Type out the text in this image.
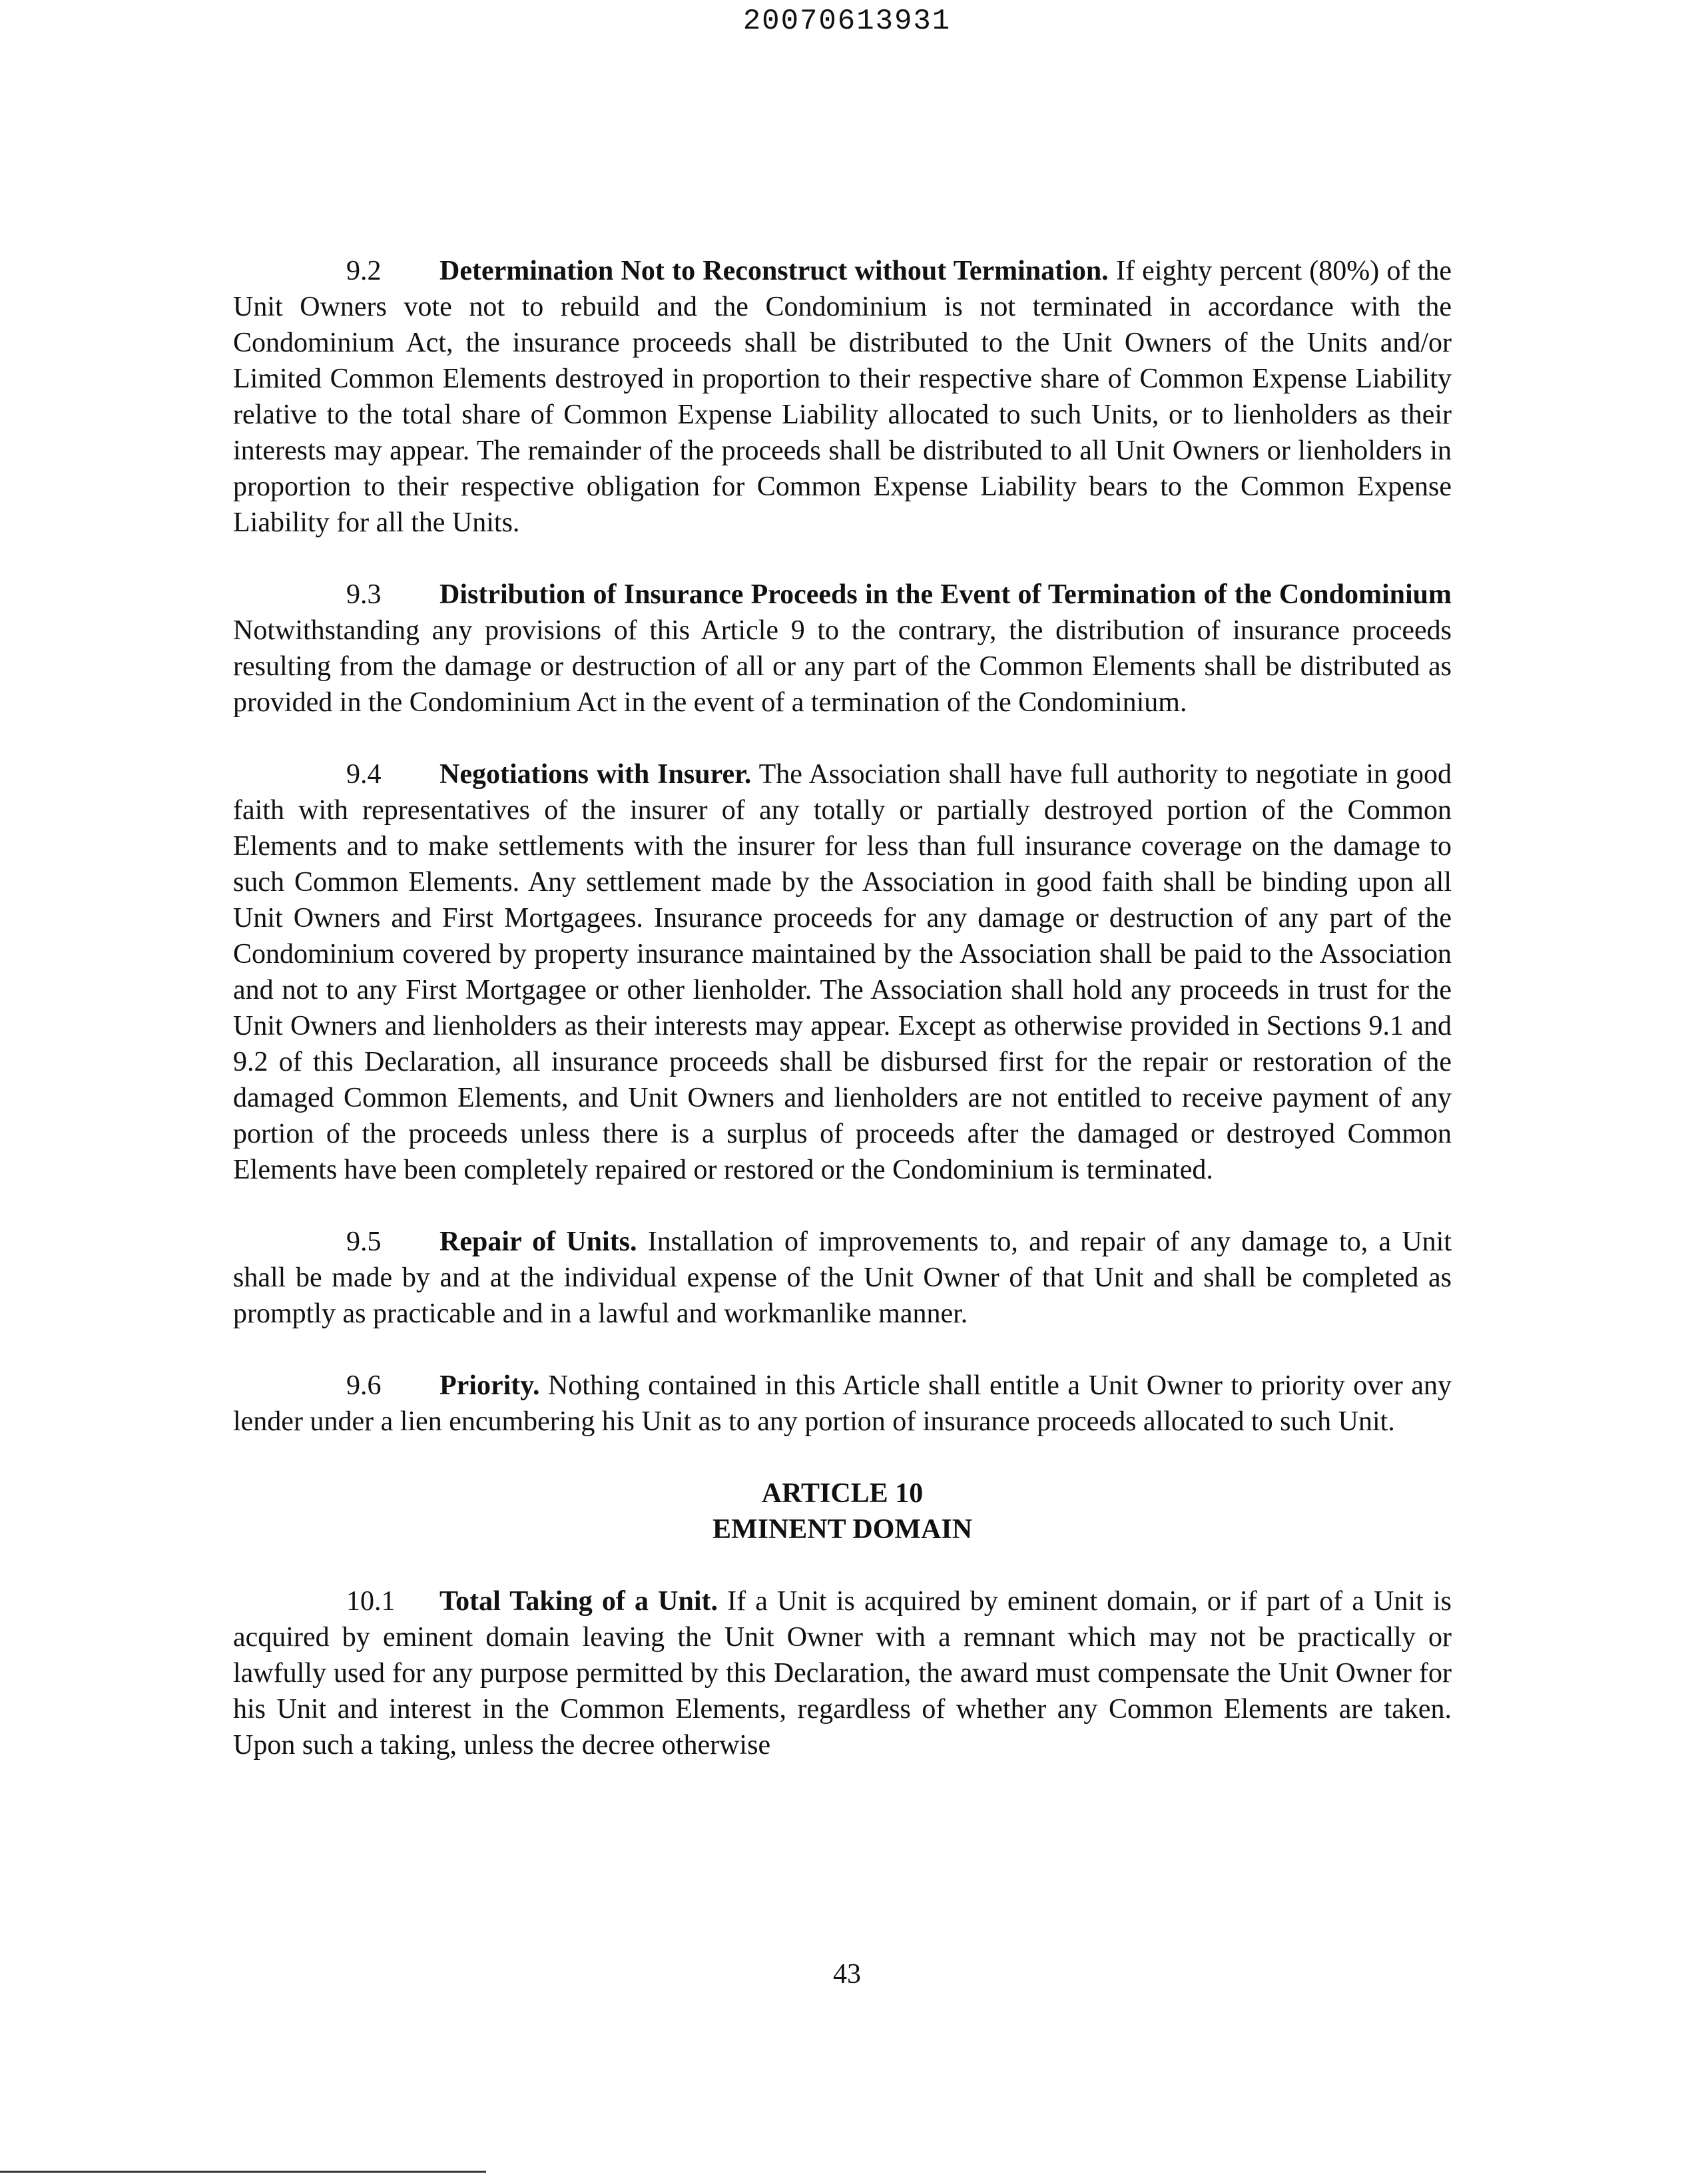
20070613931

9.2 Determination Not to Reconstruct without Termination. If eighty percent (80%) of the Unit Owners vote not to rebuild and the Condominium is not terminated in accordance with the Condominium Act, the insurance proceeds shall be distributed to the Unit Owners of the Units and/or Limited Common Elements destroyed in proportion to their respective share of Common Expense Liability relative to the total share of Common Expense Liability allocated to such Units, or to lienholders as their interests may appear. The remainder of the proceeds shall be distributed to all Unit Owners or lienholders in proportion to their respective obligation for Common Expense Liability bears to the Common Expense Liability for all the Units.

9.3 Distribution of Insurance Proceeds in the Event of Termination of the Condominium Notwithstanding any provisions of this Article 9 to the contrary, the distribution of insurance proceeds resulting from the damage or destruction of all or any part of the Common Elements shall be distributed as provided in the Condominium Act in the event of a termination of the Condominium.

9.4 Negotiations with Insurer. The Association shall have full authority to negotiate in good faith with representatives of the insurer of any totally or partially destroyed portion of the Common Elements and to make settlements with the insurer for less than full insurance coverage on the damage to such Common Elements. Any settlement made by the Association in good faith shall be binding upon all Unit Owners and First Mortgagees. Insurance proceeds for any damage or destruction of any part of the Condominium covered by property insurance maintained by the Association shall be paid to the Association and not to any First Mortgagee or other lienholder. The Association shall hold any proceeds in trust for the Unit Owners and lienholders as their interests may appear. Except as otherwise provided in Sections 9.1 and 9.2 of this Declaration, all insurance proceeds shall be disbursed first for the repair or restoration of the damaged Common Elements, and Unit Owners and lienholders are not entitled to receive payment of any portion of the proceeds unless there is a surplus of proceeds after the damaged or destroyed Common Elements have been completely repaired or restored or the Condominium is terminated.

9.5 Repair of Units. Installation of improvements to, and repair of any damage to, a Unit shall be made by and at the individual expense of the Unit Owner of that Unit and shall be completed as promptly as practicable and in a lawful and workmanlike manner.

9.6 Priority. Nothing contained in this Article shall entitle a Unit Owner to priority over any lender under a lien encumbering his Unit as to any portion of insurance proceeds allocated to such Unit.

ARTICLE 10
EMINENT DOMAIN

10.1 Total Taking of a Unit. If a Unit is acquired by eminent domain, or if part of a Unit is acquired by eminent domain leaving the Unit Owner with a remnant which may not be practically or lawfully used for any purpose permitted by this Declaration, the award must compensate the Unit Owner for his Unit and interest in the Common Elements, regardless of whether any Common Elements are taken. Upon such a taking, unless the decree otherwise

43
